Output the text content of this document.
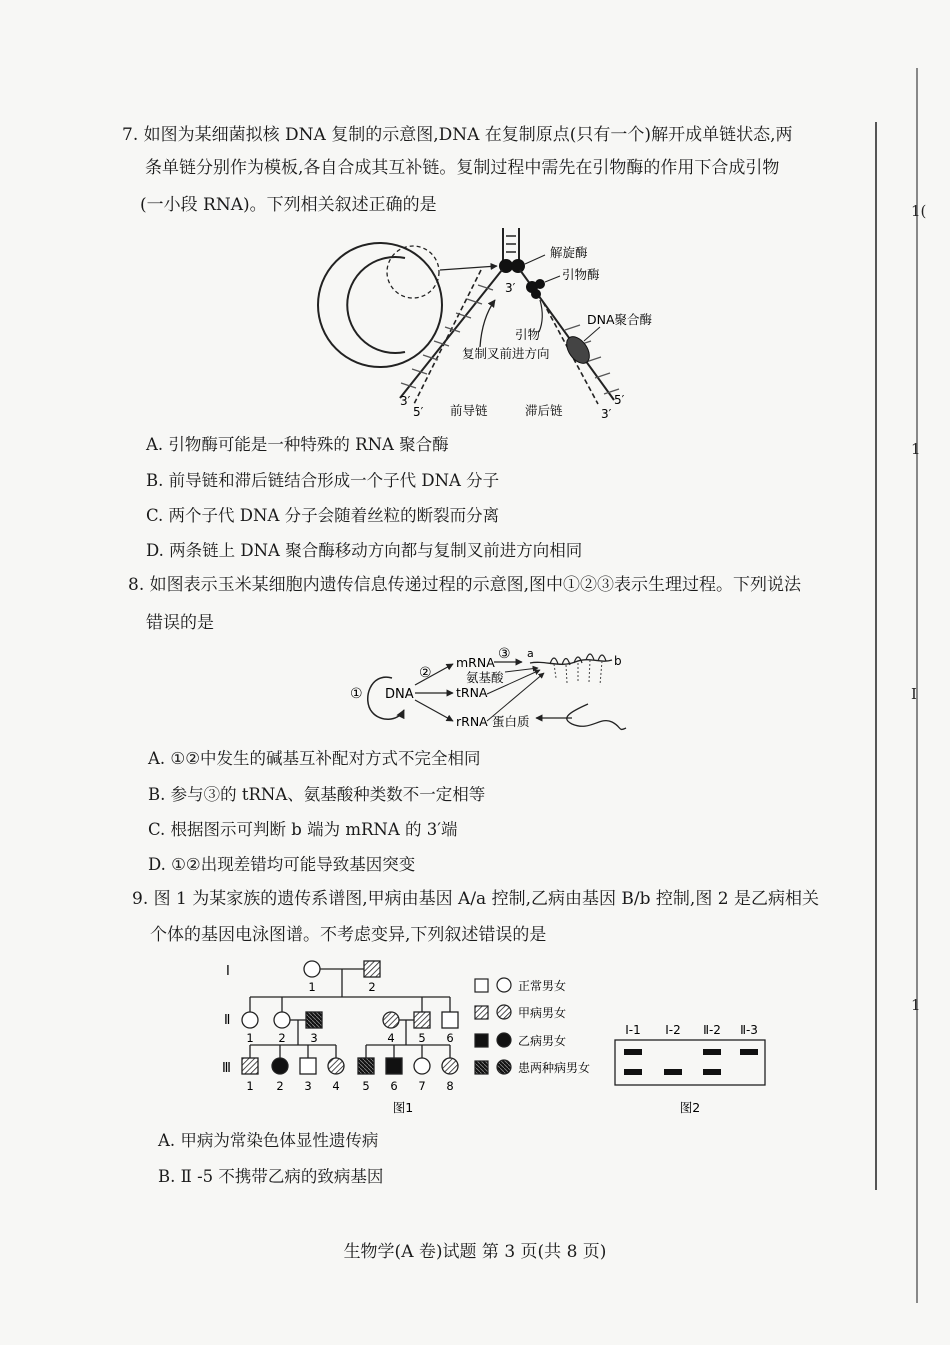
1(
1
I
1
7. 如图为某细菌拟核 DNA 复制的示意图,DNA 在复制原点(只有一个)解开成单链状态,两
条单链分别作为模板,各自合成其互补链。复制过程中需先在引物酶的作用下合成引物
(一小段 RNA)。下列相关叙述正确的是
解旋酶
引物酶
DNA聚合酶
引物
复制叉前进方向
3′
3′
5′ 前导链	滞后链
5′
3′
A. 引物酶可能是一种特殊的 RNA 聚合酶
B. 前导链和滞后链结合形成一个子代 DNA 分子
C. 两个子代 DNA 分子会随着丝粒的断裂而分离
D. 两条链上 DNA 聚合酶移动方向都与复制叉前进方向相同
8. 如图表示玉米某细胞内遗传信息传递过程的示意图,图中①②③表示生理过程。下列说法
错误的是
①
②
③
DNA
mRNA
氨基酸
tRNA
rRNA 蛋白质
a
b
A. ①②中发生的碱基互补配对方式不完全相同
B. 参与③的 tRNA、氨基酸种类数不一定相等
C. 根据图示可判断 b 端为 mRNA 的 3′端
D. ①②出现差错均可能导致基因突变
9. 图 1 为某家族的遗传系谱图,甲病由基因 A/a 控制,乙病由基因 B/b 控制,图 2 是乙病相关
个体的基因电泳图谱。不考虑变异,下列叙述错误的是
Ⅰ
Ⅱ
Ⅲ
1	2
1 2 3	4 5 6
1 2 3 4 5 6 7 8
图1
正常男女
甲病男女
乙病男女
患两种病男女
Ⅰ-1 Ⅰ-2 Ⅱ-2 Ⅱ-3
图2
A. 甲病为常染色体显性遗传病
B. Ⅱ -5 不携带乙病的致病基因
生物学(A 卷)试题 第 3 页(共 8 页)
